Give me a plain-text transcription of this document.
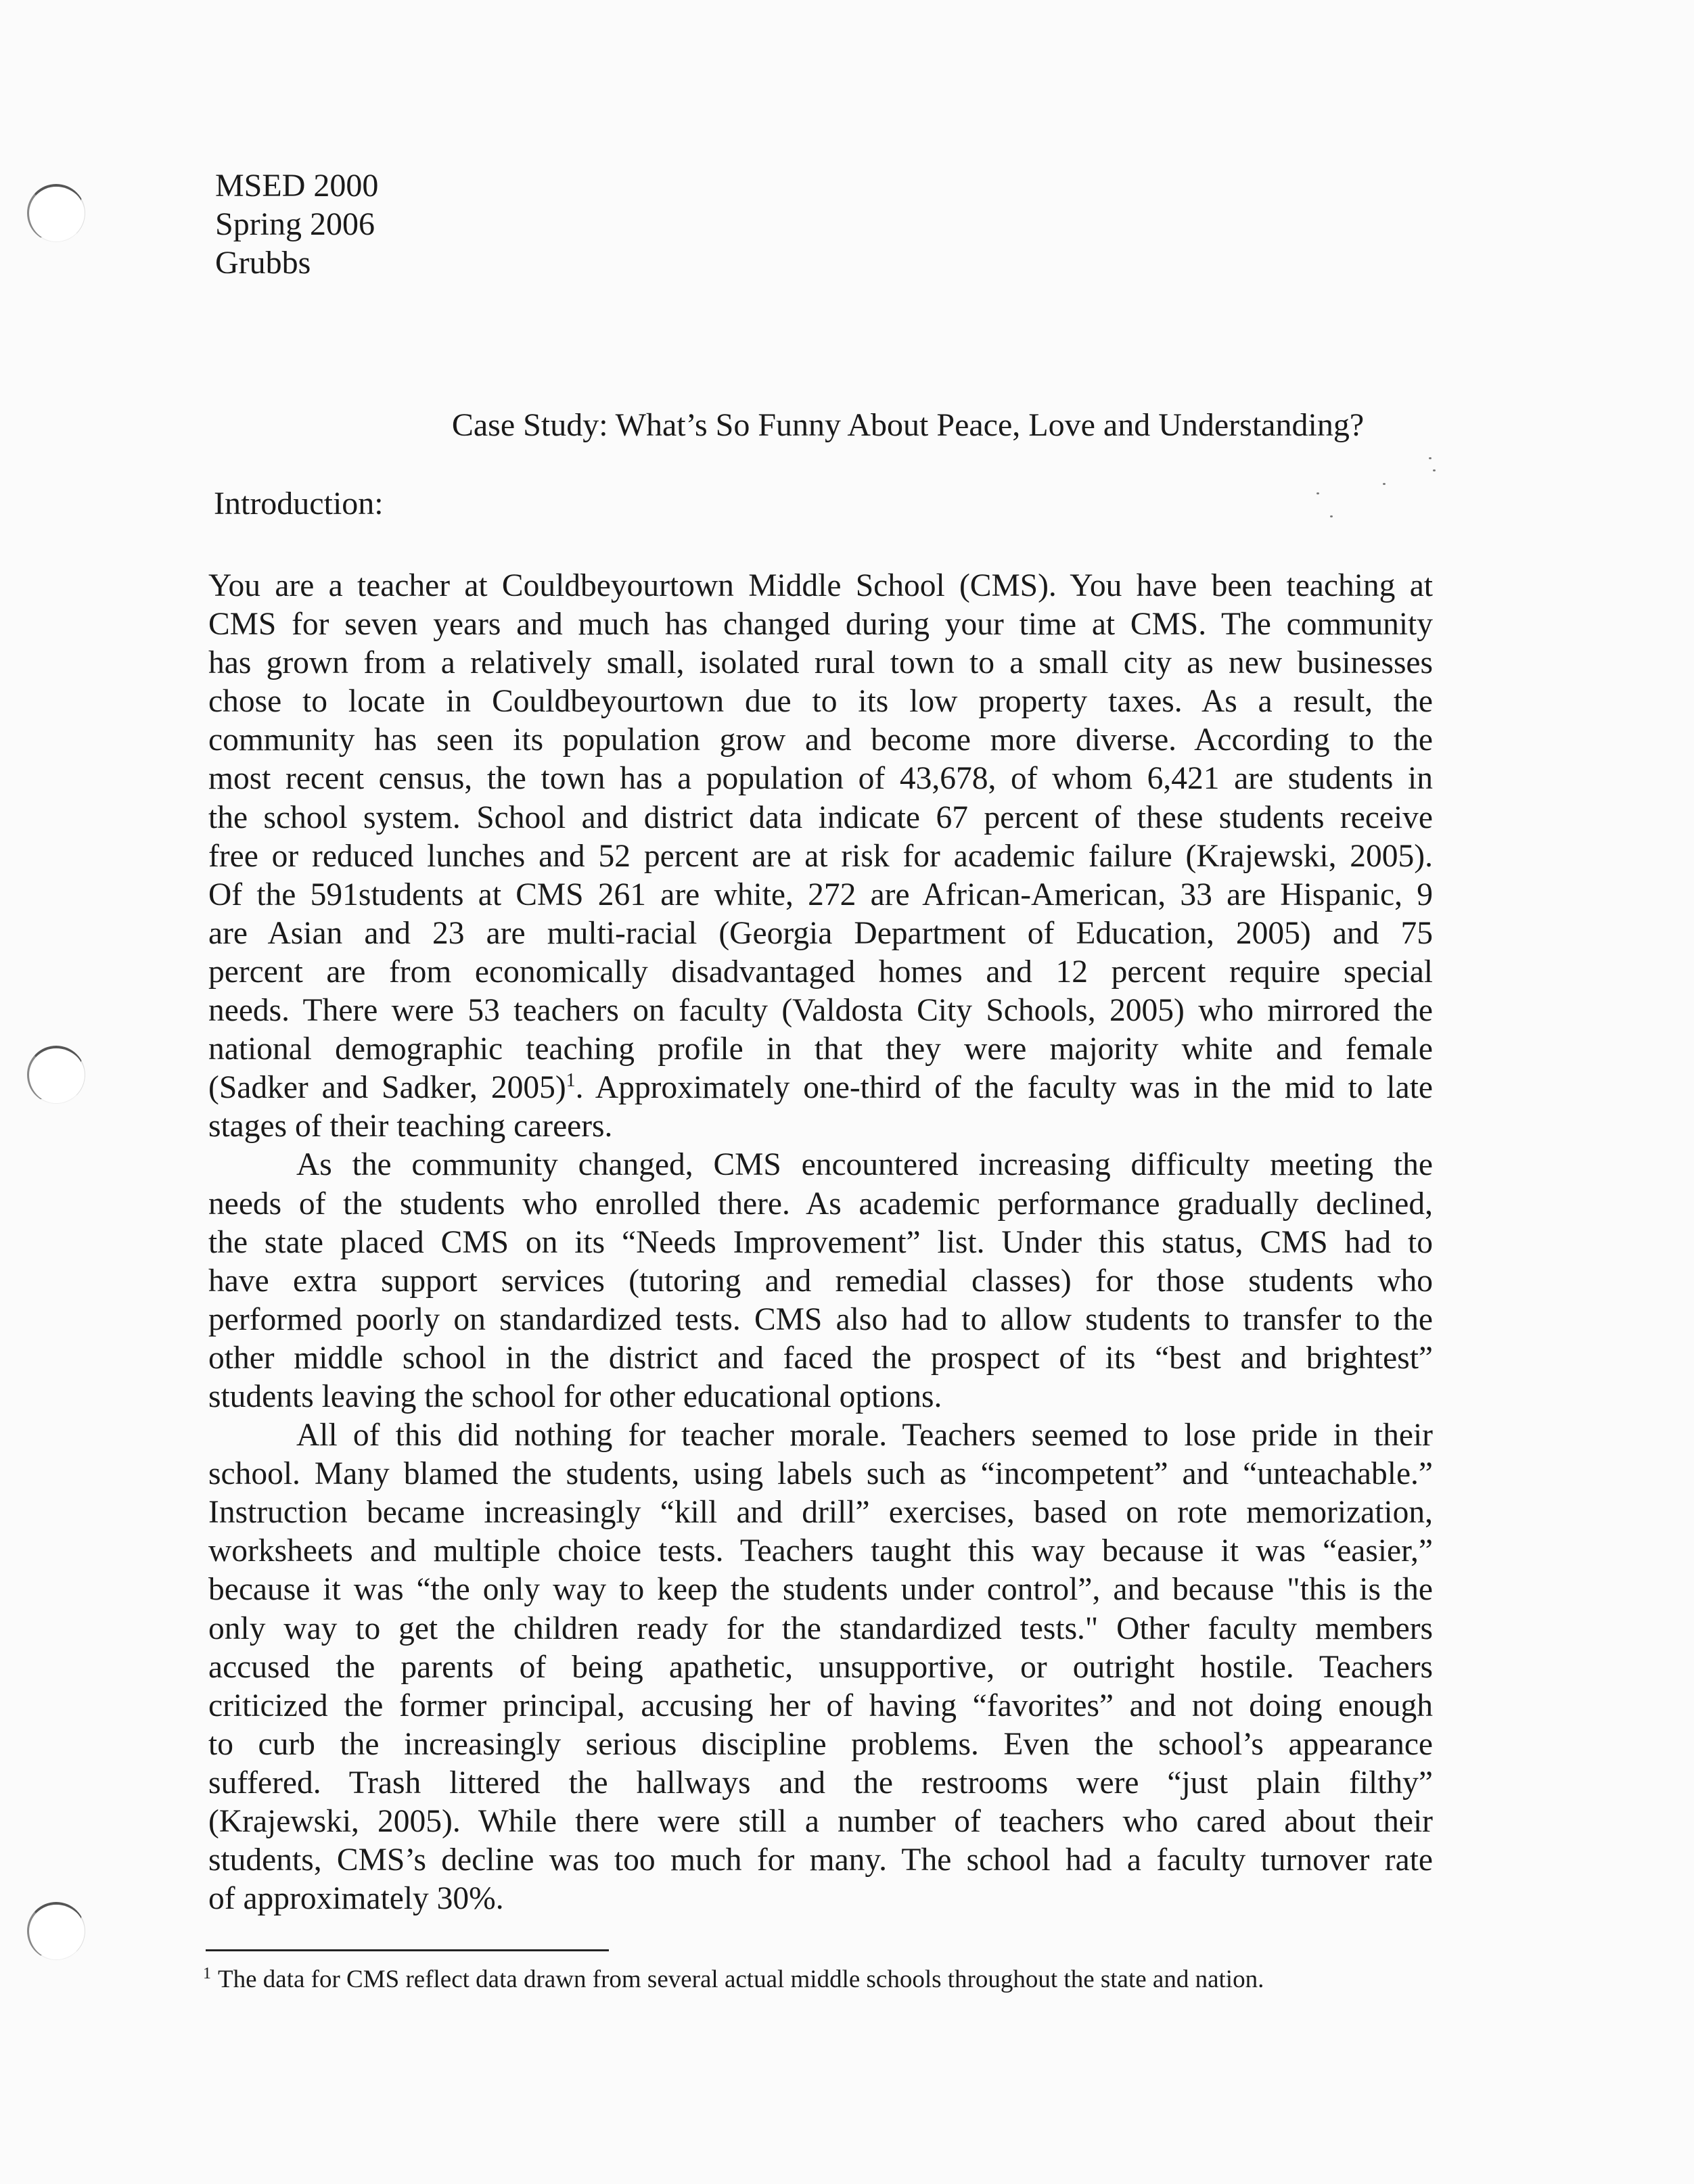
MSED 2000
Spring 2006
Grubbs
Case Study: What’s So Funny About Peace, Love and Understanding?
Introduction:
You are a teacher at Couldbeyourtown Middle School (CMS). You have been teaching at
CMS for seven years and much has changed during your time at CMS. The community
has grown from a relatively small, isolated rural town to a small city as new businesses
chose to locate in Couldbeyourtown due to its low property taxes. As a result, the
community has seen its population grow and become more diverse. According to the
most recent census, the town has a population of 43,678, of whom 6,421 are students in
the school system. School and district data indicate 67 percent of these students receive
free or reduced lunches and 52 percent are at risk for academic failure (Krajewski, 2005).
Of the 591students at CMS 261 are white, 272 are African-American, 33 are Hispanic, 9
are Asian and 23 are multi-racial (Georgia Department of Education, 2005) and 75
percent are from economically disadvantaged homes and 12 percent require special
needs. There were 53 teachers on faculty (Valdosta City Schools, 2005) who mirrored the
national demographic teaching profile in that they were majority white and female
(Sadker and Sadker, 2005)$^1$. Approximately one-third of the faculty was in the mid to late
stages of their teaching careers.
As the community changed, CMS encountered increasing difficulty meeting the
needs of the students who enrolled there. As academic performance gradually declined,
the state placed CMS on its “Needs Improvement” list. Under this status, CMS had to
have extra support services (tutoring and remedial classes) for those students who
performed poorly on standardized tests. CMS also had to allow students to transfer to the
other middle school in the district and faced the prospect of its “best and brightest”
students leaving the school for other educational options.
All of this did nothing for teacher morale. Teachers seemed to lose pride in their
school. Many blamed the students, using labels such as “incompetent” and “unteachable.”
Instruction became increasingly “kill and drill” exercises, based on rote memorization,
worksheets and multiple choice tests. Teachers taught this way because it was “easier,”
because it was “the only way to keep the students under control”, and because "this is the
only way to get the children ready for the standardized tests." Other faculty members
accused the parents of being apathetic, unsupportive, or outright hostile. Teachers
criticized the former principal, accusing her of having “favorites” and not doing enough
to curb the increasingly serious discipline problems. Even the school’s appearance
suffered. Trash littered the hallways and the restrooms were “just plain filthy”
(Krajewski, 2005). While there were still a number of teachers who cared about their
students, CMS’s decline was too much for many. The school had a faculty turnover rate
of approximately 30%.
$^1$ The data for CMS reflect data drawn from several actual middle schools throughout the state and nation.
